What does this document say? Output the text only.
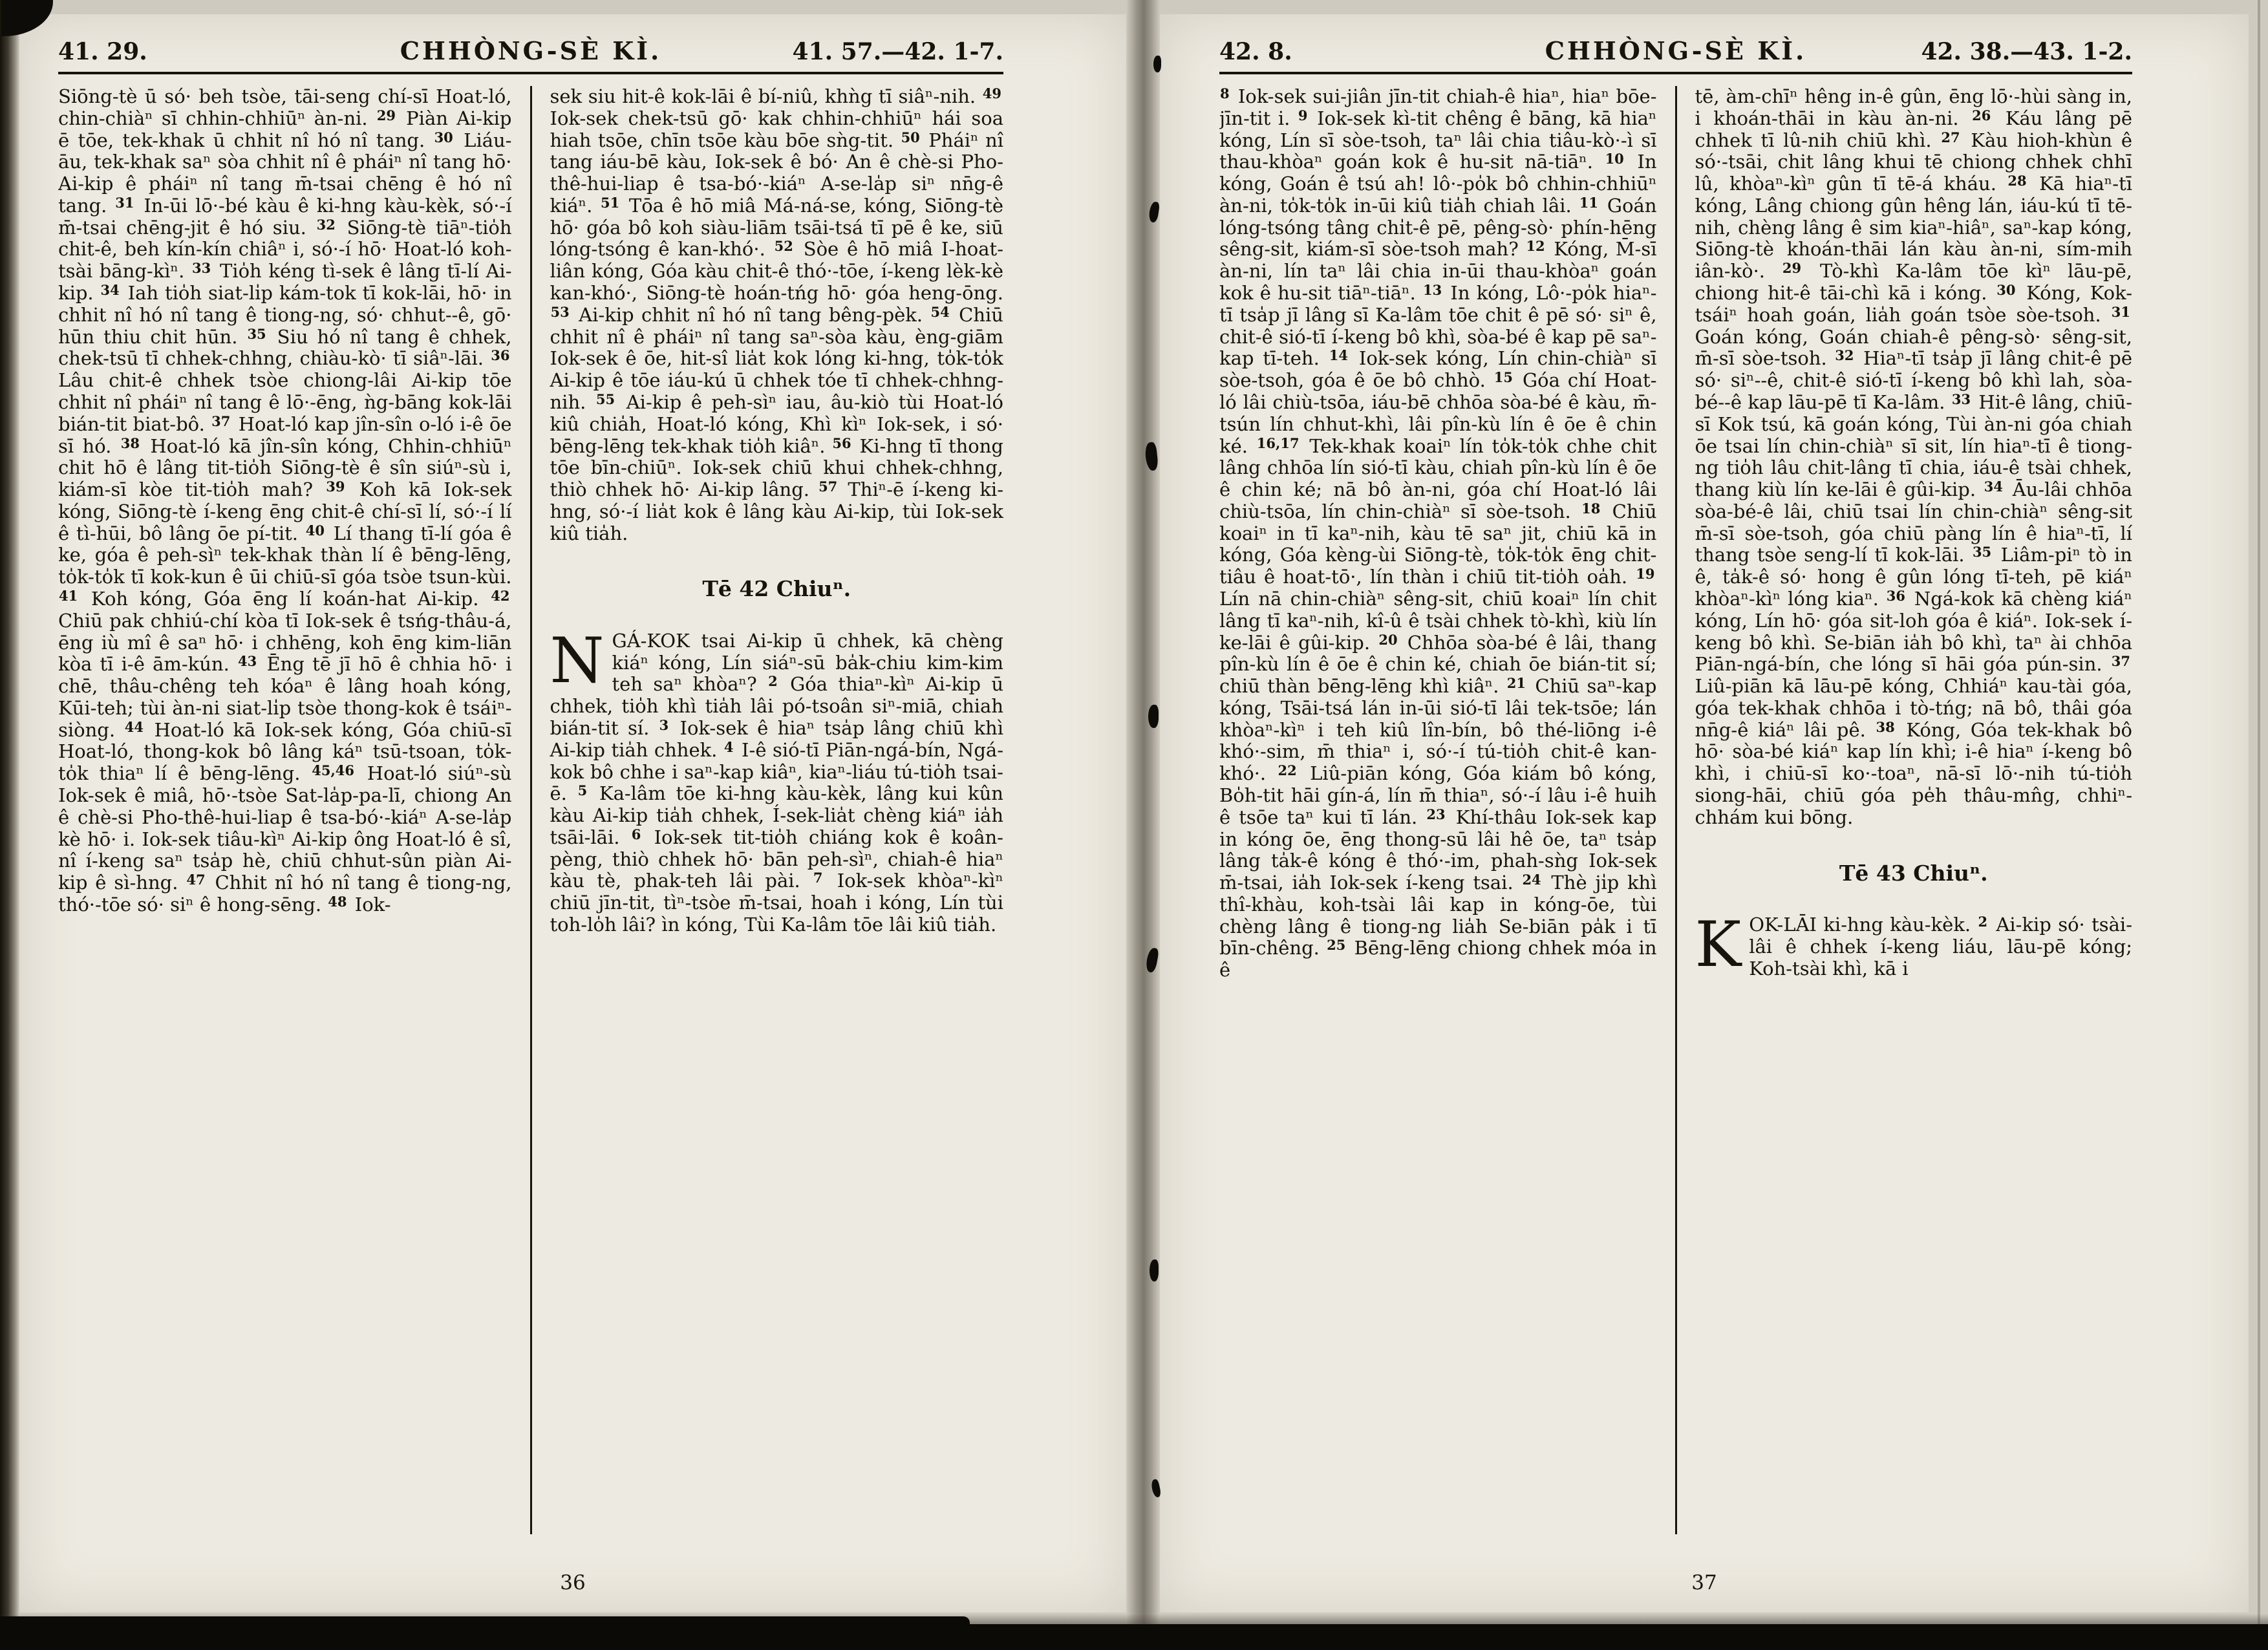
41. 29.	CHHÒNG-SÈ KÌ.	41. 57.—42. 1-7.

Siōng-tè ū só· beh tsòe, tāi-seng chí-sī Hoat-ló, chin-chiàⁿ sī chhin-chhiūⁿ àn-ni. $^{29}$ Piàn Ai-kip ē tōe, tek-khak ū chhit nî hó nî tang. $^{30}$ Liáu-āu, tek-khak saⁿ sòa chhit nî ê pháiⁿ nî tang hō· Ai-kip ê pháiⁿ nî tang m̄-tsai chēng ê hó nî tang. $^{31}$ In-ūi lō·-bé kàu ê ki-hng kàu-kèk, só·-í m̄-tsai chēng-jit ê hó siu. $^{32}$ Siōng-tè tiāⁿ-tio̍h chit-ê, beh kín-kín chiâⁿ i, só·-í hō· Hoat-ló koh-tsài bāng-kìⁿ. $^{33}$ Tio̍h kéng tì-sek ê lâng tī-lí Ai-kip. $^{34}$ Iah tio̍h siat-li̍p kám-tok tī kok-lāi, hō· in chhit nî hó nî tang ê tiong-ng, só· chhut--ê, gō· hūn thiu chit hūn. $^{35}$ Siu hó nî tang ê chhek, chek-tsū tī chhek-chhng, chiàu-kò· tī siâⁿ-lāi. $^{36}$ Lâu chit-ê chhek tsòe chiong-lâi Ai-kip tōe chhit nî pháiⁿ nî tang ê lō·-ēng, ǹg-bāng kok-lāi bián-tit biat-bô. $^{37}$ Hoat-ló kap jîn-sîn o-ló i-ê ōe sī hó. $^{38}$ Hoat-ló kā jîn-sîn kóng, Chhin-chhiūⁿ chit hō ê lâng tit-tio̍h Siōng-tè ê sîn siúⁿ-sù i, kiám-sī kòe tit-tio̍h mah? $^{39}$ Koh kā Iok-sek kóng, Siōng-tè í-keng ēng chit-ê chí-sī lí, só·-í lí ê tì-hūi, bô lâng ōe pí-tit. $^{40}$ Lí thang tī-lí góa ê ke, góa ê peh-sìⁿ tek-khak thàn lí ê bēng-lēng, to̍k-to̍k tī kok-kun ê ūi chiū-sī góa tsòe tsun-kùi. $^{41}$ Koh kóng, Góa ēng lí koán-hat Ai-kip. $^{42}$ Chiū pak chhiú-chí kòa tī Iok-sek ê tsńg-thâu-á, ēng iù mî ê saⁿ hō· i chhēng, koh ēng kim-liān kòa tī i-ê ām-kún. $^{43}$ Ēng tē jī hō ê chhia hō· i chē, thâu-chêng teh kóaⁿ ê lâng hoah kóng, Kūi-teh; tùi àn-ni siat-li̍p tsòe thong-kok ê tsáiⁿ-siòng. $^{44}$ Hoat-ló kā Iok-sek kóng, Góa chiū-sī Hoat-ló, thong-kok bô lâng káⁿ tsū-tsoan, to̍k-to̍k thiaⁿ lí ê bēng-lēng. $^{45,46}$ Hoat-ló siúⁿ-sù Iok-sek ê miâ, hō·-tsòe Sat-la̍p-pa-lī, chiong An ê chè-si Pho-thê-hui-liap ê tsa-bó·-kiáⁿ A-se-la̍p kè hō· i. Iok-sek tiâu-kìⁿ Ai-kip ông Hoat-ló ê sî, nî í-keng saⁿ tsa̍p hè, chiū chhut-sûn piàn Ai-kip ê sì-hng. $^{47}$ Chhit nî hó nî tang ê tiong-ng, thó·-tōe só· siⁿ ê hong-sēng. $^{48}$ Iok-

sek siu hit-ê kok-lāi ê bí-niû, khǹg tī siâⁿ-nih. $^{49}$ Iok-sek chek-tsū gō· kak chhin-chhiūⁿ hái soa hiah tsōe, chīn tsōe kàu bōe sǹg-tit. $^{50}$ Pháiⁿ nî tang iáu-bē kàu, Iok-sek ê bó· An ê chè-si Pho-thê-hui-liap ê tsa-bó·-kiáⁿ A-se-la̍p siⁿ nn̄g-ê kiáⁿ. $^{51}$ Tōa ê hō miâ Má-ná-se, kóng, Siōng-tè hō· góa bô koh siàu-liām tsāi-tsá tī pē ê ke, siū lóng-tsóng ê kan-khó·. $^{52}$ Sòe ê hō miâ I-hoat-liân kóng, Góa kàu chit-ê thó·-tōe, í-keng lèk-kè kan-khó·, Siōng-tè hoán-tńg hō· góa heng-ōng. $^{53}$ Ai-kip chhit nî hó nî tang bêng-pèk. $^{54}$ Chiū chhit nî ê pháiⁿ nî tang saⁿ-sòa kàu, èng-giām Iok-sek ê ōe, hit-sî lia̍t kok lóng ki-hng, to̍k-to̍k Ai-kip ê tōe iáu-kú ū chhek tóe tī chhek-chhng-nih. $^{55}$ Ai-kip ê peh-sìⁿ iau, âu-kiò tùi Hoat-ló kiû chia̍h, Hoat-ló kóng, Khì kìⁿ Iok-sek, i só· bēng-lēng tek-khak tio̍h kiâⁿ. $^{56}$ Ki-hng tī thong tōe bīn-chiūⁿ. Iok-sek chiū khui chhek-chhng, thiò chhek hō· Ai-kip lâng. $^{57}$ Thiⁿ-ē í-keng ki-hng, só·-í lia̍t kok ê lâng kàu Ai-kip, tùi Iok-sek kiû tia̍h.

Tē 42 Chiuⁿ.

NGÁ-KOK tsai Ai-kip ū chhek, kā chèng kiáⁿ kóng, Lín siáⁿ-sū ba̍k-chiu kim-kim teh saⁿ khòaⁿ? $^2$ Góa thiaⁿ-kìⁿ Ai-kip ū chhek, tio̍h khì tia̍h lâi pó-tsoân siⁿ-miā, chiah bián-tit sí. $^3$ Iok-sek ê hiaⁿ tsa̍p lâng chiū khì Ai-kip tia̍h chhek. $^4$ I-ê sió-tī Piān-ngá-bín, Ngá-kok bô chhe i saⁿ-kap kiâⁿ, kiaⁿ-liáu tú-tio̍h tsai-ē. $^5$ Ka-lâm tōe ki-hng kàu-kèk, lâng kui kûn kàu Ai-kip tia̍h chhek, Í-sek-lia̍t chèng kiáⁿ ia̍h tsāi-lāi. $^6$ Iok-sek tit-tio̍h chiáng kok ê koân-pèng, thiò chhek hō· bān peh-sìⁿ, chiah-ê hiaⁿ kàu tè, phak-teh lâi pài. $^7$ Iok-sek khòaⁿ-kìⁿ chiū jīn-tit, tìⁿ-tsòe m̄-tsai, hoah i kóng, Lín tùi toh-lo̍h lâi? ìn kóng, Tùi Ka-lâm tōe lâi kiû tia̍h.

36
42. 8.	CHHÒNG-SÈ KÌ.	42. 38.—43. 1-2.

$^8$ Iok-sek sui-jiân jīn-tit chiah-ê hiaⁿ, hiaⁿ bōe-jīn-tit i. $^9$ Iok-sek kì-tit chêng ê bāng, kā hiaⁿ kóng, Lín sī sòe-tsoh, taⁿ lâi chia tiâu-kò·-ì sī thau-khòaⁿ goán kok ê hu-sit nā-tiāⁿ. $^{10}$ In kóng, Goán ê tsú ah! lô·-po̍k bô chhin-chhiūⁿ àn-ni, to̍k-to̍k in-ūi kiû tia̍h chiah lâi. $^{11}$ Goán lóng-tsóng tâng chi̍t-ê pē, pêng-sò· phín-hēng sêng-si̍t, kiám-sī sòe-tsoh mah? $^{12}$ Kóng, M̄-sī àn-ni, lín taⁿ lâi chia in-ūi thau-khòaⁿ goán kok ê hu-sit tiāⁿ-tiāⁿ. $^{13}$ In kóng, Lô·-po̍k hiaⁿ-tī tsa̍p jī lâng sī Ka-lâm tōe chit ê pē só· siⁿ ê, chit-ê sió-tī í-keng bô khì, sòa-bé ê kap pē saⁿ-kap tī-teh. $^{14}$ Iok-sek kóng, Lín chin-chiàⁿ sī sòe-tsoh, góa ê ōe bô chhò. $^{15}$ Góa chí Hoat-ló lâi chiù-tsōa, iáu-bē chhōa sòa-bé ê kàu, m̄-tsún lín chhut-khì, lâi pîn-kù lín ê ōe ê chin ké. $^{16,17}$ Tek-khak koaiⁿ lín to̍k-to̍k chhe chit lâng chhōa lín sió-tī kàu, chiah pîn-kù lín ê ōe ê chin ké; nā bô àn-ni, góa chí Hoat-ló lâi chiù-tsōa, lín chin-chiàⁿ sī sòe-tsoh. $^{18}$ Chiū koaiⁿ in tī kaⁿ-nih, kàu tē saⁿ jit, chiū kā in kóng, Góa kèng-ùi Siōng-tè, to̍k-to̍k ēng chit-tiâu ê hoat-tō·, lín thàn i chiū tit-tio̍h oa̍h. $^{19}$ Lín nā chin-chiàⁿ sêng-si̍t, chiū koaiⁿ lín chit lâng tī kaⁿ-nih, kî-û ê tsài chhek tò-khì, kiù lín ke-lāi ê gûi-kip. $^{20}$ Chhōa sòa-bé ê lâi, thang pîn-kù lín ê ōe ê chin ké, chiah ōe bián-tit sí; chiū thàn bēng-lēng khì kiâⁿ. $^{21}$ Chiū saⁿ-kap kóng, Tsāi-tsá lán in-ūi sió-tī lâi tek-tsōe; lán khòaⁿ-kìⁿ i teh kiû lîn-bín, bô thé-liōng i-ê khó·-sim, m̄ thiaⁿ i, só·-í tú-tio̍h chit-ê kan-khó·. $^{22}$ Liû-piān kóng, Góa kiám bô kóng, Bo̍h-tit hāi gín-á, lín m̄ thiaⁿ, só·-í lâu i-ê huih ê tsōe taⁿ kui tī lán. $^{23}$ Khí-thâu Iok-sek kap in kóng ōe, ēng thong-sū lâi hê ōe, taⁿ tsa̍p lâng ta̍k-ê kóng ê thó·-im, phah-sǹg Iok-sek m̄-tsai, ia̍h Iok-sek í-keng tsai. $^{24}$ Thè ji̍p khì thî-khàu, koh-tsài lâi kap in kóng-ōe, tùi chèng lâng ê tiong-ng lia̍h Se-biān pa̍k i tī bīn-chêng. $^{25}$ Bēng-lēng chiong chhek móa in ê

tē, àm-chīⁿ hêng in-ê gûn, ēng lō·-hùi sàng in, i khoán-thāi in kàu àn-ni. $^{26}$ Káu lâng pē chhek tī lû-nih chiū khì. $^{27}$ Kàu hioh-khùn ê só·-tsāi, chit lâng khui tē chiong chhek chhī lû, khòaⁿ-kìⁿ gûn tī tē-á kháu. $^{28}$ Kā hiaⁿ-tī kóng, Lâng chiong gûn hêng lán, iáu-kú tī tē-nih, chèng lâng ê sim kiaⁿ-hiâⁿ, saⁿ-kap kóng, Siōng-tè khoán-thāi lán kàu àn-ni, sím-mih iân-kò·. $^{29}$ Tò-khì Ka-lâm tōe kìⁿ lāu-pē, chiong hit-ê tāi-chì kā i kóng. $^{30}$ Kóng, Kok-tsáiⁿ hoah goán, lia̍h goán tsòe sòe-tsoh. $^{31}$ Goán kóng, Goán chiah-ê pêng-sò· sêng-sit, m̄-sī sòe-tsoh. $^{32}$ Hiaⁿ-tī tsa̍p jī lâng chit-ê pē só· siⁿ--ê, chit-ê sió-tī í-keng bô khì lah, sòa-bé--ê kap lāu-pē tī Ka-lâm. $^{33}$ Hit-ê lâng, chiū-sī Kok tsú, kā goán kóng, Tùi àn-ni góa chiah ōe tsai lín chin-chiàⁿ sī sit, lín hiaⁿ-tī ê tiong-ng tio̍h lâu chit-lâng tī chia, iáu-ê tsài chhek, thang kiù lín ke-lāi ê gûi-kip. $^{34}$ Āu-lâi chhōa sòa-bé-ê lâi, chiū tsai lín chin-chiàⁿ sêng-sit m̄-sī sòe-tsoh, góa chiū pàng lín ê hiaⁿ-tī, lí thang tsòe seng-lí tī kok-lāi. $^{35}$ Liâm-piⁿ tò in ê, ta̍k-ê só· hong ê gûn lóng tī-teh, pē kiáⁿ khòaⁿ-kìⁿ lóng kiaⁿ. $^{36}$ Ngá-kok kā chèng kiáⁿ kóng, Lín hō· góa sit-loh góa ê kiáⁿ. Iok-sek í-keng bô khì. Se-biān ia̍h bô khì, taⁿ ài chhōa Piān-ngá-bín, che lóng sī hāi góa pún-sin. $^{37}$ Liû-piān kā lāu-pē kóng, Chhiáⁿ kau-tài góa, góa tek-khak chhōa i tò-tńg; nā bô, thâi góa nn̄g-ê kiáⁿ lâi pê. $^{38}$ Kóng, Góa tek-khak bô hō· sòa-bé kiáⁿ kap lín khì; i-ê hiaⁿ í-keng bô khì, i chiū-sī ko·-toaⁿ, nā-sī lō·-nih tú-tio̍h siong-hāi, chiū góa pe̍h thâu-mn̂g, chhiⁿ-chhám kui bōng.

Tē 43 Chiuⁿ.

KOK-LĀI ki-hng kàu-kèk. $^2$ Ai-kip só· tsài-lâi ê chhek í-keng liáu, lāu-pē kóng; Koh-tsài khì, kā i

37
